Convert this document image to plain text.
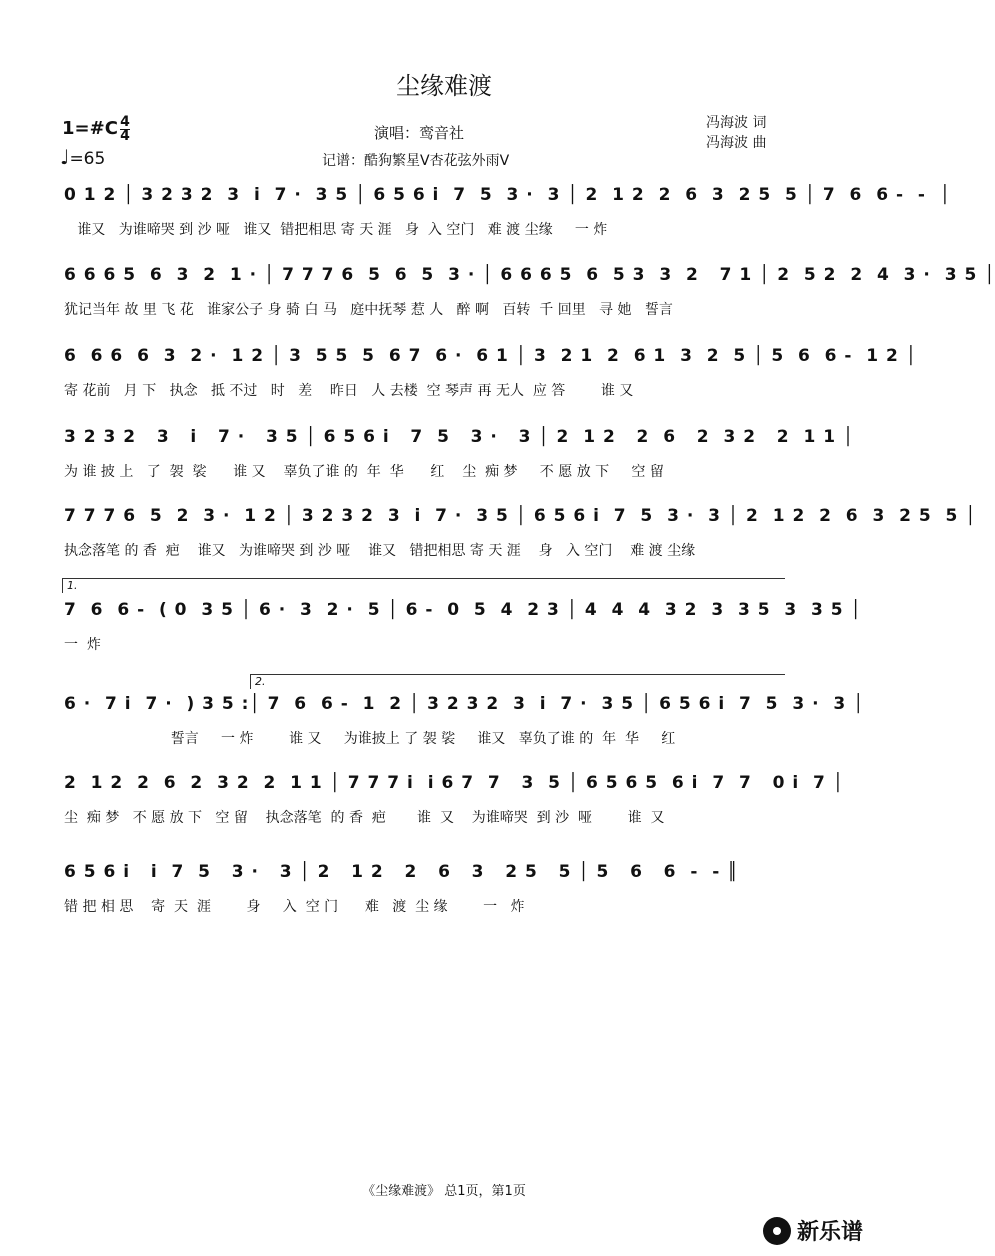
尘缘难渡
1=#C 4
4
♩=65
演唱：鸾音社
记谱：酷狗繁星V杏花弦外雨V
冯海波 词
冯海波 曲
0 1 2 │ 3 2 3 2  3  i  7 ·  3 5 │ 6 5 6 i  7  5  3 ·  3 │ 2  1 2  2  6  3  2 5  5 │ 7  6  6 -  -  │
谁又   为谁啼哭 到 沙 哑   谁又  错把相思 寄 天 涯   身  入 空门   难 渡 尘缘     一 炸
6 6 6 5  6  3  2  1 · │ 7 7 7 6  5  6  5  3 · │ 6 6 6 5  6  5 3  3  2   7 1 │ 2  5 2  2  4  3 ·  3 5 │
犹记当年 故 里 飞 花   谁家公子 身 骑 白 马   庭中抚琴 惹 人   醉 啊   百转  千 回里   寻 她   誓言
6  6 6  6  3  2 ·  1 2 │ 3  5 5  5  6 7  6 ·  6 1 │ 3  2 1  2  6 1  3  2  5 │ 5  6  6 -  1 2 │
寄 花前   月 下   执念   抵 不过   时   差    昨日   人 去楼  空 琴声 再 无人  应 答        谁 又
3 2 3 2   3   i   7 ·   3 5 │ 6 5 6 i   7  5   3 ·   3 │ 2  1 2   2  6   2  3 2   2  1 1 │
为 谁 披 上   了  袈  裟      谁 又    辜负了谁 的  年  华      红    尘  痴 梦     不 愿 放 下     空 留
7 7 7 6  5  2  3 ·  1 2 │ 3 2 3 2  3  i  7 ·  3 5 │ 6 5 6 i  7  5  3 ·  3 │ 2  1 2  2  6  3  2 5  5 │
执念落笔 的 香  疤    谁又   为谁啼哭 到 沙 哑    谁又   错把相思 寄 天 涯    身   入 空门    难 渡 尘缘
1.
7  6  6 -  ( 0  3 5 │ 6 ·  3  2 ·  5 │ 6 -  0  5  4  2 3 │ 4  4  4  3 2  3  3 5  3  3 5 │
一  炸
2.
6 ·  7 i  7 ·  ) 3 5 :│ 7  6  6 -  1  2 │ 3 2 3 2  3  i  7 ·  3 5 │ 6 5 6 i  7  5  3 ·  3 │
誓言     一 炸        谁 又     为谁披上 了 袈 裟     谁又   辜负了谁 的  年  华     红
2  1 2  2  6  2  3 2  2  1 1 │ 7 7 7 i  i 6 7  7   3  5 │ 6 5 6 5  6 i  7  7   0 i  7 │
尘  痴 梦   不 愿 放 下   空 留    执念落笔  的 香  疤       谁  又    为谁啼哭  到 沙  哑        谁  又
6 5 6 i   i  7  5   3 ·   3 │ 2   1 2   2   6   3   2 5   5 │ 5   6   6  -  - ║
错 把 相 思    寄  天  涯        身     入  空 门      难   渡  尘 缘        一   炸
《尘缘难渡》 总1页，第1页
新乐谱
